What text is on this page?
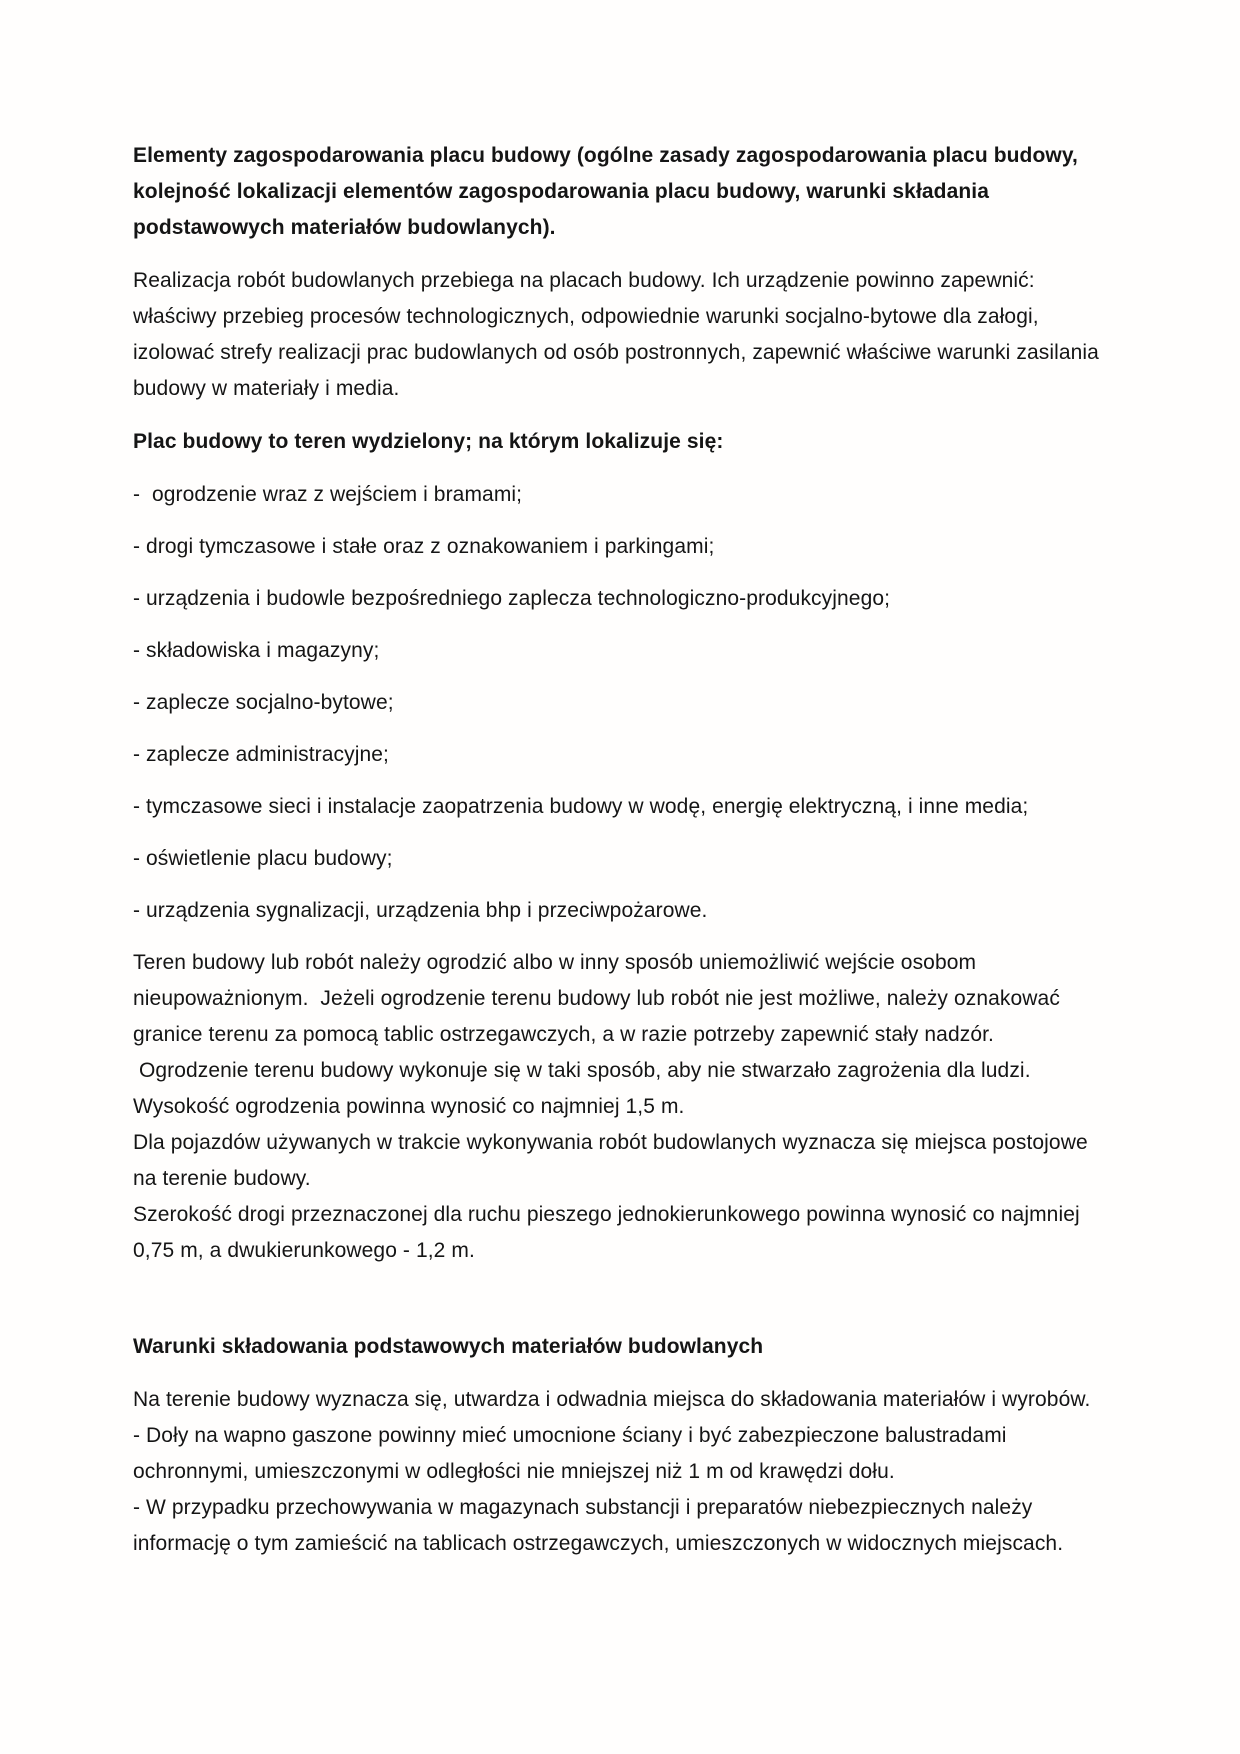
Elementy zagospodarowania placu budowy (ogólne zasady zagospodarowania placu budowy, kolejność lokalizacji elementów zagospodarowania placu budowy, warunki składania podstawowych materiałów budowlanych).

Realizacja robót budowlanych przebiega na placach budowy. Ich urządzenie powinno zapewnić: właściwy przebieg procesów technologicznych, odpowiednie warunki socjalno-bytowe dla załogi, izolować strefy realizacji prac budowlanych od osób postronnych, zapewnić właściwe warunki zasilania budowy w materiały i media.

Plac budowy to teren wydzielony; na którym lokalizuje się:

-  ogrodzenie wraz z wejściem i bramami;

- drogi tymczasowe i stałe oraz z oznakowaniem i parkingami;

- urządzenia i budowle bezpośredniego zaplecza technologiczno-produkcyjnego;

- składowiska i magazyny;

- zaplecze socjalno-bytowe;

- zaplecze administracyjne;

- tymczasowe sieci i instalacje zaopatrzenia budowy w wodę, energię elektryczną, i inne media;

- oświetlenie placu budowy;

- urządzenia sygnalizacji, urządzenia bhp i przeciwpożarowe.

Teren budowy lub robót należy ogrodzić albo w inny sposób uniemożliwić wejście osobom nieupoważnionym.  Jeżeli ogrodzenie terenu budowy lub robót nie jest możliwe, należy oznakować granice terenu za pomocą tablic ostrzegawczych, a w razie potrzeby zapewnić stały nadzór.
Ogrodzenie terenu budowy wykonuje się w taki sposób, aby nie stwarzało zagrożenia dla ludzi.
Wysokość ogrodzenia powinna wynosić co najmniej 1,5 m.
Dla pojazdów używanych w trakcie wykonywania robót budowlanych wyznacza się miejsca postojowe na terenie budowy.
Szerokość drogi przeznaczonej dla ruchu pieszego jednokierunkowego powinna wynosić co najmniej 0,75 m, a dwukierunkowego - 1,2 m.

Warunki składowania podstawowych materiałów budowlanych

Na terenie budowy wyznacza się, utwardza i odwadnia miejsca do składowania materiałów i wyrobów.
- Doły na wapno gaszone powinny mieć umocnione ściany i być zabezpieczone balustradami ochronnymi, umieszczonymi w odległości nie mniejszej niż 1 m od krawędzi dołu.
- W przypadku przechowywania w magazynach substancji i preparatów niebezpiecznych należy informację o tym zamieścić na tablicach ostrzegawczych, umieszczonych w widocznych miejscach.
